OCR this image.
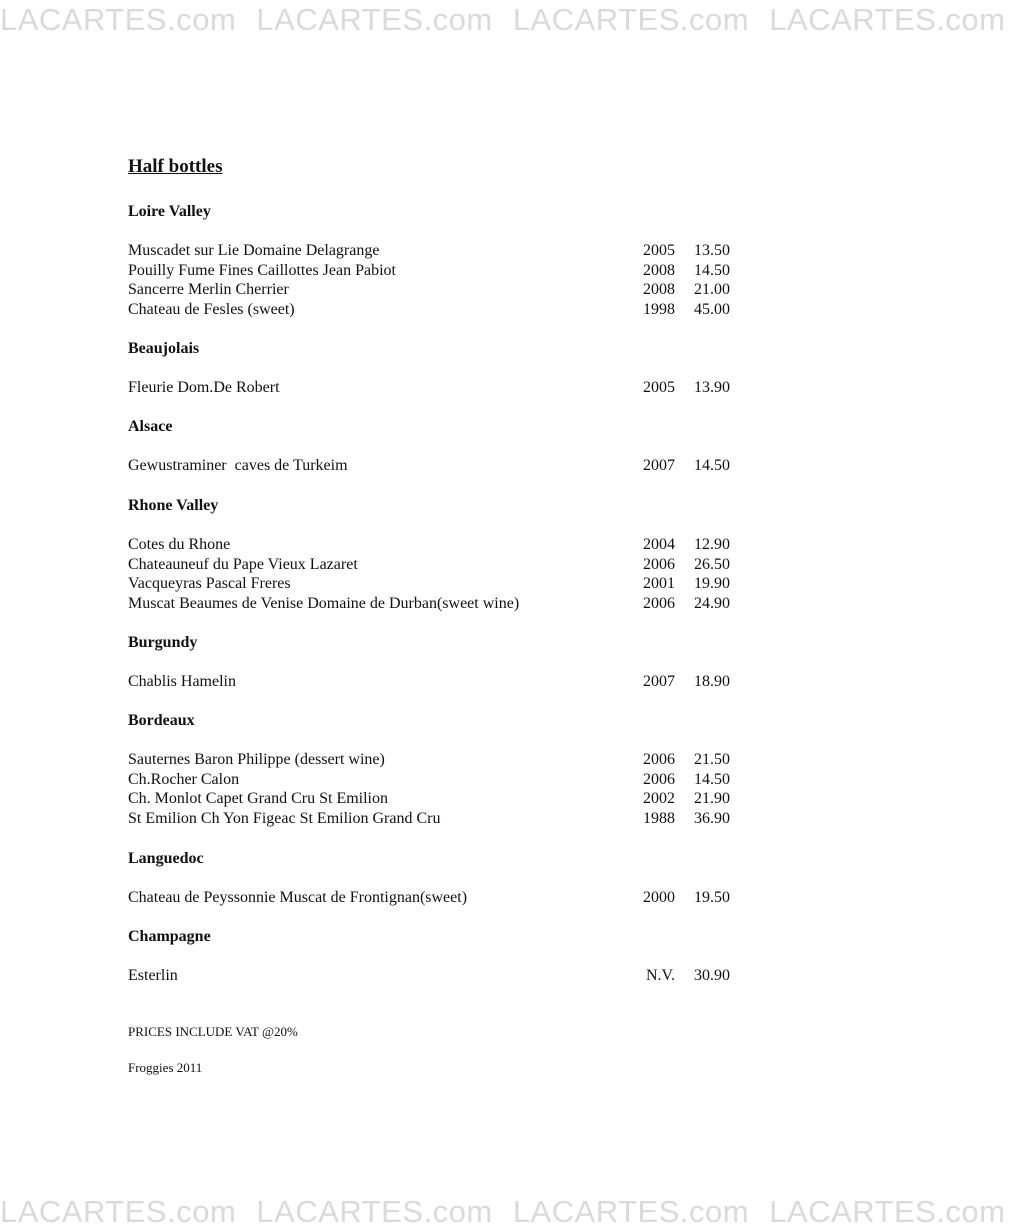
LACARTES.com LACARTES.com LACARTES.com LACARTES.com
Half bottles
Loire Valley
Muscadet sur Lie Domaine Delagrange	2005 13.50
Pouilly Fume Fines Caillottes Jean Pabiot	2008 14.50
Sancerre Merlin Cherrier	2008 21.00
Chateau de Fesles (sweet)	1998 45.00
Beaujolais
Fleurie Dom.De Robert	2005 13.90
Alsace
Gewustraminer  caves de Turkeim	2007 14.50
Rhone Valley
Cotes du Rhone	2004 12.90
Chateauneuf du Pape Vieux Lazaret	2006 26.50
Vacqueyras Pascal Freres	2001 19.90
Muscat Beaumes de Venise Domaine de Durban(sweet wine)	2006 24.90
Burgundy
Chablis Hamelin	2007 18.90
Bordeaux
Sauternes Baron Philippe (dessert wine)	2006 21.50
Ch.Rocher Calon	2006 14.50
Ch. Monlot Capet Grand Cru St Emilion	2002 21.90
St Emilion Ch Yon Figeac St Emilion Grand Cru	1988 36.90
Languedoc
Chateau de Peyssonnie Muscat de Frontignan(sweet)	2000 19.50
Champagne
Esterlin	N.V. 30.90
PRICES INCLUDE VAT @20%
Froggies 2011
LACARTES.com LACARTES.com LACARTES.com LACARTES.com
